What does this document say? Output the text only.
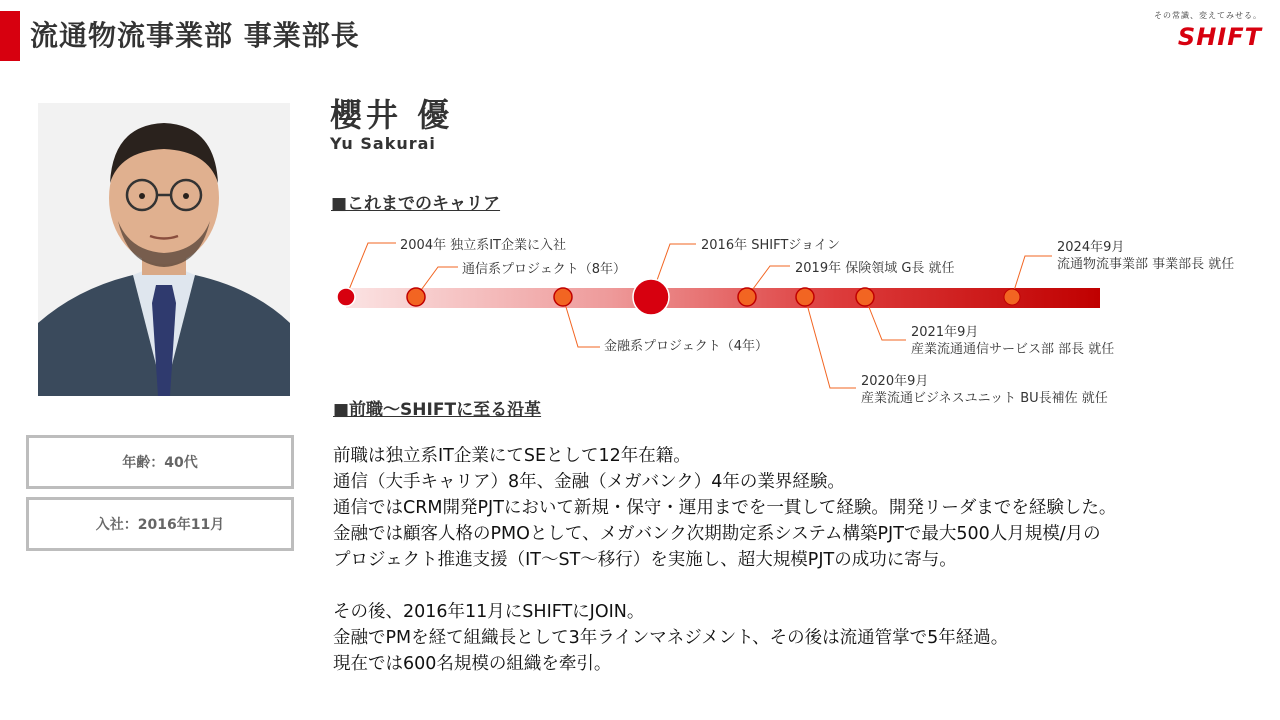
流通物流事業部 事業部長
その常識、変えてみせる。
SHIFT
年齢：40代
入社：2016年11月
櫻井 優
Yu Sakurai
■これまでのキャリア
2004年 独立系IT企業に入社
通信系プロジェクト（8年）
金融系プロジェクト（4年）
2016年 SHIFTジョイン
2019年 保険領域 G長 就任
2020年9月
産業流通ビジネスユニット BU長補佐 就任
2021年9月
産業流通通信サービス部 部長 就任
2024年9月
流通物流事業部 事業部長 就任
■前職～SHIFTに至る沿革

前職は独立系IT企業にてSEとして12年在籍。

通信（大手キャリア）8年、金融（メガバンク）4年の業界経験。

通信ではCRM開発PJTにおいて新規・保守・運用までを一貫して経験。開発リーダまでを経験した。

金融では顧客人格のPMOとして、メガバンク次期勘定系システム構築PJTで最大500人月規模/月の

プロジェクト推進支援（IT～ST～移行）を実施し、超大規模PJTの成功に寄与。

その後、2016年11月にSHIFTにJOIN。

金融でPMを経て組織長として3年ラインマネジメント、その後は流通管掌で5年経過。

現在では600名規模の組織を牽引。
